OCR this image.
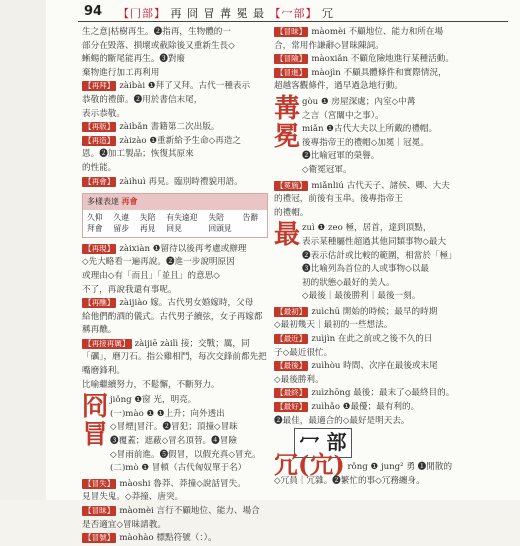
94 【冂部】 再 冏 冒 冓 冕 最 【冖部】 冗
生之意|枯樹再生。❷指再，生物體的一
部分在毀落、損壞或截除後又重新生長◇
蜥蜴的斷尾能再生。❸對廢
棄物進行加工再利用
【再拜】 zàibài ❶拜了又拜。古代一種表示
恭敬的禮節。❷用於書信末尾，
表示恭敬。
【再版】 zàibǎn 書籍第二次出版。
【再造】 zàizào ❶重新給予生命◇再造之
恩。❷加工製品；恢復其原來
的性能。
【再會】 zàihuì 再見。臨別時禮貌用語。
多樣表達 再會
久仰	久違	失陪	有失遠迎	失陪	告辭
拜會	留步	再見	回見	回頭見
【再現】 zàixiàn ❶留待以後再考慮或辦理
◇先大略看一遍再說。❷進一步說明原因
或理由◇有「而且」「並且」的意思◇
不了，再說我還有事呢。
【再醮】 zàijiào 嫁。古代男女婚嫁時，父母
給他們酌酒的儀式。古代男子續弦，女子再嫁都稱再醮。
【再接再厲】 zàijiē zàilì 接；交戰；厲，同
「礪」，磨刀石。指公雞相鬥，每次交鋒前都先把嘴磨鋒利。
比喻繼續努力，不鬆懈，不斷努力。
冏
冒
jiǒng ❶窗 光，明亮。
(一)mào ❶ ❶上升；向外透出
◇冒煙|冒汗。❷冒犯；頂撞◇冒昧
❸覆蓋；遮蔽◇冒名頂替。❹冒險
◇冒雨前進。❺假冒，以假充真◇冒充。
(二)mò ❶ 冒頓（古代匈奴單于名）
【冒失】 màoshi 魯莽、莽撞◇說話冒失。
見冒失鬼。◇莽撞、唐突。
【冒昧】 màomèi 言行不顧地位、能力、場合
是否適宜◇冒昧請教。
【冒號】 màohào 標點符號（：）。
【冒昧】 màomèi 不顧地位、能力和所在場
合，常用作謙辭◇冒昧陳詞。
【冒險】 màoxiǎn 不顧危險地進行某種活動。
【冒進】 màojìn 不顧具體條件和實際情況，
超越客觀條件，過早過急地行動。
冓
冕
gòu ❶ 房屋深處；內室◇中冓
之言（宮闈中之事）。
miǎn ❶古代大夫以上所戴的禮帽。
後專指帝王的禮帽◇加冕｜冠冕。
❷比喻冠軍的榮譽。
◇衛冕冠軍。
【冕旒】 miǎnliú 古代天子、諸侯、卿、大夫
的禮冠，前後有玉串。後專指帝王
的禮帽。
最 zuì ❶ zeo 極，居首，達到頂點，
表示某種屬性超過其他同類事物◇最大
❷表示估計或比較的範圍，相當於「極」
❸比喻列為首位的人或事物◇以最
初的狀態◇最好的美人。
◇最後｜最後勝利｜最後一刻。
【最初】 zuìchū 開始的時候；最早的時期
◇最初幾天｜最初的一些想法。
【最近】 zuìjìn 在此之前或之後不久的日
子◇最近很忙。
【最後】 zuìhòu 時間、次序在最後或末尾
◇最後勝利。
【最終】 zuìzhōng 最後；最末了◇最終目的。
【最好】 zuìhǎo ❶最優；最有利的。
❷最佳，最適合的◇最好是明天去。
冖 部
冗(宂) rǒng ❶ jung² 勇 ❶閒散的
◇冗員｜冗雜。❷繁忙的事◇冗務纏身。
